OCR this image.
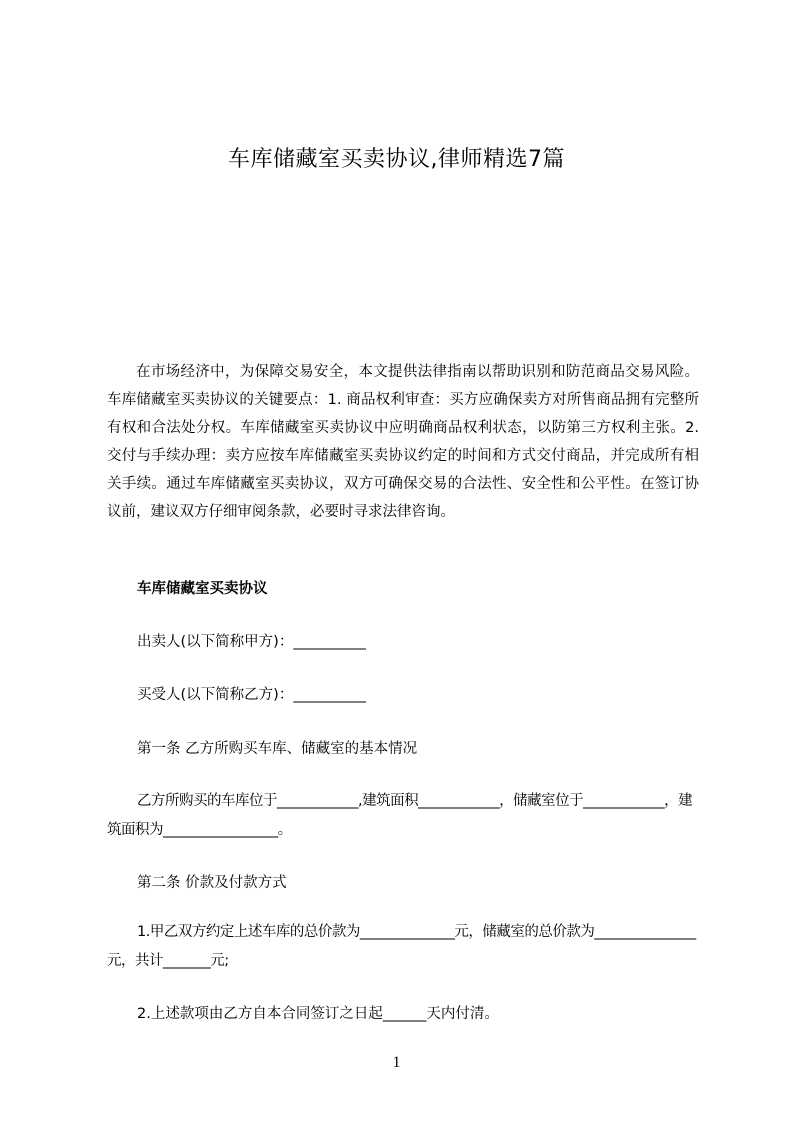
车库储藏室买卖协议,律师精选7篇
在市场经济中，为保障交易安全，本文提供法律指南以帮助识别和防范商品交易风险。车库储藏室买卖协议的关键要点：1. 商品权利审查：买方应确保卖方对所售商品拥有完整所有权和合法处分权。车库储藏室买卖协议中应明确商品权利状态，以防第三方权利主张。2. 交付与手续办理：卖方应按车库储藏室买卖协议约定的时间和方式交付商品，并完成所有相关手续。通过车库储藏室买卖协议，双方可确保交易的合法性、安全性和公平性。在签订协议前，建议双方仔细审阅条款，必要时寻求法律咨询。
车库储藏室买卖协议
出卖人(以下简称甲方)：__________
买受人(以下简称乙方)：__________
第一条 乙方所购买车库、储藏室的基本情况
乙方所购买的车库位于____________,建筑面积____________，储藏室位于____________，建筑面积为_________________。
第二条 价款及付款方式
1.甲乙双方约定上述车库的总价款为______________元，储藏室的总价款为_______________元，共计_______元;
2.上述款项由乙方自本合同签订之日起______天内付清。
1
